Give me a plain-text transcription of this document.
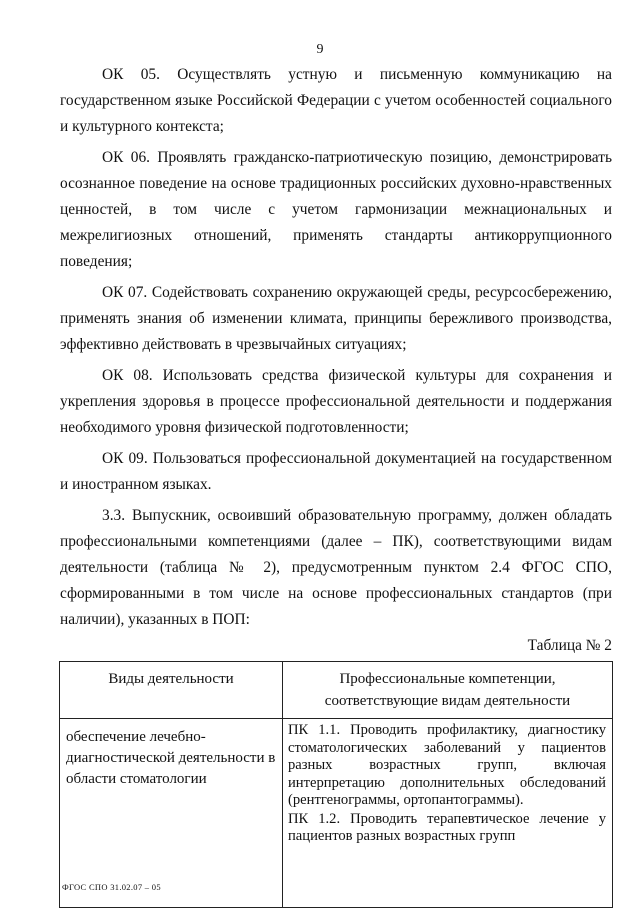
9

ОК 05. Осуществлять устную и письменную коммуникацию на государственном языке Российской Федерации с учетом особенностей социального и культурного контекста;

ОК 06. Проявлять гражданско-патриотическую позицию, демонстрировать осознанное поведение на основе традиционных российских духовно-нравственных ценностей, в том числе с учетом гармонизации межнациональных и межрелигиозных отношений, применять стандарты антикоррупционного поведения;

ОК 07. Содействовать сохранению окружающей среды, ресурсосбережению, применять знания об изменении климата, принципы бережливого производства, эффективно действовать в чрезвычайных ситуациях;

ОК 08. Использовать средства физической культуры для сохранения и укрепления здоровья в процессе профессиональной деятельности и поддержания необходимого уровня физической подготовленности;

ОК 09. Пользоваться профессиональной документацией на государственном и иностранном языках.

3.3. Выпускник, освоивший образовательную программу, должен обладать профессиональными компетенциями (далее – ПК), соответствующими видам деятельности (таблица № 2), предусмотренным пунктом 2.4 ФГОС СПО, сформированными в том числе на основе профессиональных стандартов (при наличии), указанных в ПОП:

Таблица № 2
Виды деятельности	Профессиональные компетенции, соответствующие видам деятельности
обеспечение лечебно-диагностической деятельности в области стоматологии	ПК 1.1. Проводить профилактику, диагностику стоматологических заболеваний у пациентов разных возрастных групп, включая интерпретацию дополнительных обследований (рентгенограммы, ортопантограммы).

ПК 1.2. Проводить терапевтическое лечение у пациентов разных возрастных групп

ФГОС СПО 31.02.07 – 05
